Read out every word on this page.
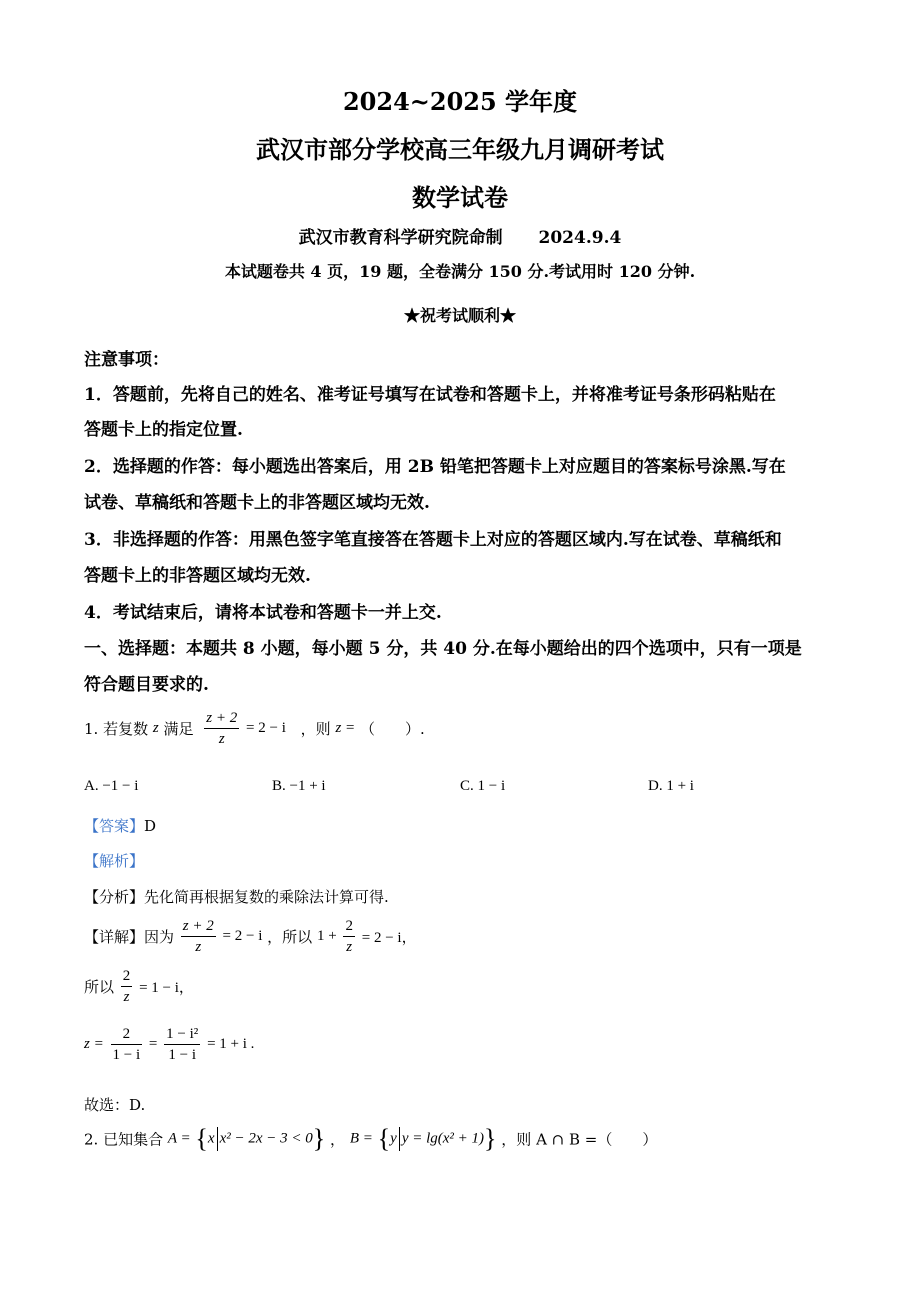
2024~2025 学年度
武汉市部分学校高三年级九月调研考试
数学试卷
武汉市教育科学研究院命制 2024.9.4
本试题卷共 4 页，19 题，全卷满分 150 分.考试用时 120 分钟.
★祝考试顺利★
注意事项：
1．答题前，先将自己的姓名、准考证号填写在试卷和答题卡上，并将准考证号条形码粘贴在
答题卡上的指定位置.
2．选择题的作答：每小题选出答案后，用 2B 铅笔把答题卡上对应题目的答案标号涂黑.写在
试卷、草稿纸和答题卡上的非答题区域均无效.
3．非选择题的作答：用黑色签字笔直接答在答题卡上对应的答题区域内.写在试卷、草稿纸和
答题卡上的非答题区域均无效.
4．考试结束后，请将本试卷和答题卡一并上交.
一、选择题：本题共 8 小题，每小题 5 分，共 40 分.在每小题给出的四个选项中，只有一项是
符合题目要求的.
1. 若复数 z 满足 $\frac{z + 2}{z} = 2 - i$ ，则 z = （　　）.
A. −1 − i	B. −1 + i	C. 1 − i	D. 1 + i
【答案】D
【解析】
【分析】先化简再根据复数的乘除法计算可得.
【详解】因为 $\frac{z + 2}{z} = 2 - i$ ，所以 $1 + \frac{2}{z} = 2 - i$，
所以 $\frac{2}{z} = 1 - i$，
$z = \frac{2}{1 - i} = \frac{\text{1 − i²}}{1 - i} = 1 + i$ .
故选：D.
2. 已知集合 A = {x x² − 2x − 3 < 0} ， B = {y y = lg(x² + 1)} ，则 A ∩ B =（　　）
